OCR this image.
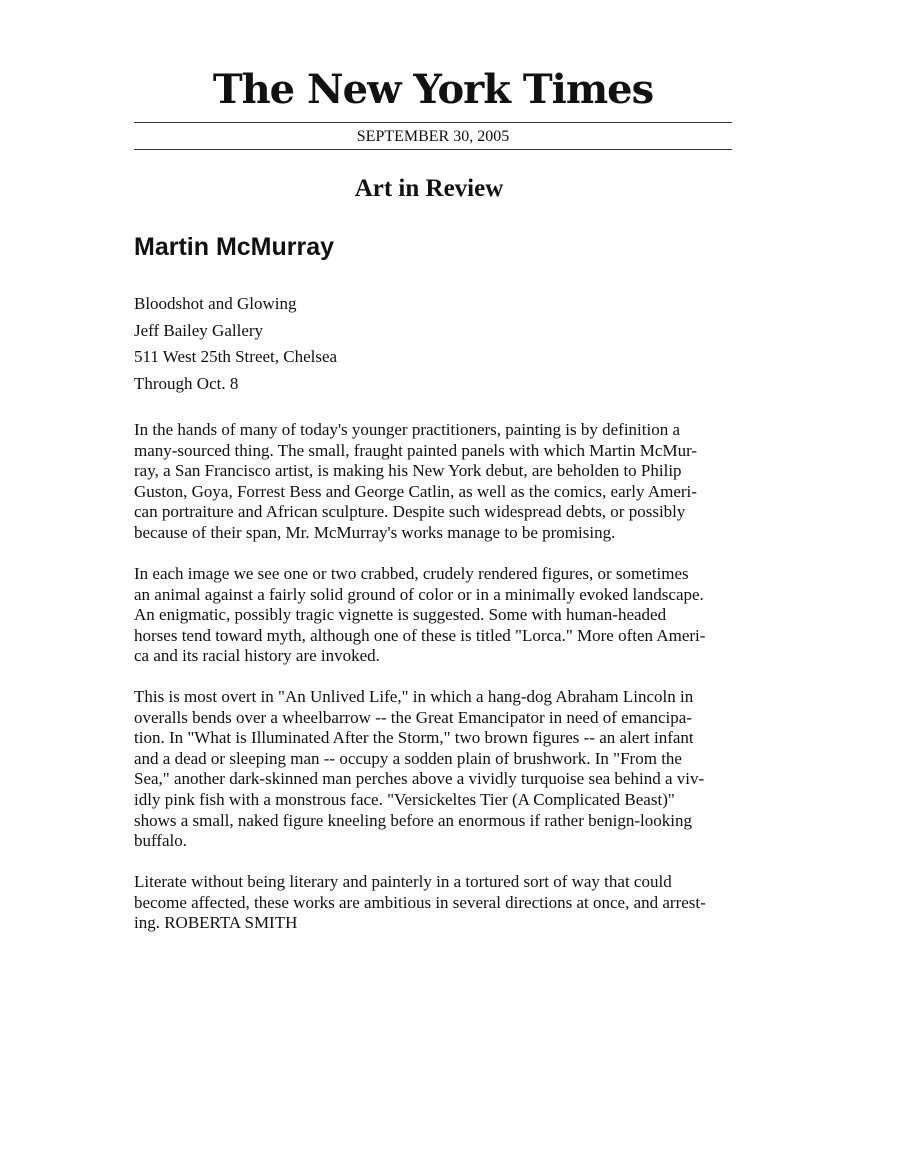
The New York Times
SEPTEMBER 30, 2005
Art in Review
Martin McMurray
Bloodshot and Glowing
Jeff Bailey Gallery
511 West 25th Street, Chelsea
Through Oct. 8
In the hands of many of today's younger practitioners, painting is by definition a
many-sourced thing. The small, fraught painted panels with which Martin McMur-
ray, a San Francisco artist, is making his New York debut, are beholden to Philip
Guston, Goya, Forrest Bess and George Catlin, as well as the comics, early Ameri-
can portraiture and African sculpture. Despite such widespread debts, or possibly
because of their span, Mr. McMurray's works manage to be promising.
In each image we see one or two crabbed, crudely rendered figures, or sometimes
an animal against a fairly solid ground of color or in a minimally evoked landscape.
An enigmatic, possibly tragic vignette is suggested. Some with human-headed
horses tend toward myth, although one of these is titled "Lorca." More often Ameri-
ca and its racial history are invoked.
This is most overt in "An Unlived Life," in which a hang-dog Abraham Lincoln in
overalls bends over a wheelbarrow -- the Great Emancipator in need of emancipa-
tion. In "What is Illuminated After the Storm," two brown figures -- an alert infant
and a dead or sleeping man -- occupy a sodden plain of brushwork. In "From the
Sea," another dark-skinned man perches above a vividly turquoise sea behind a viv-
idly pink fish with a monstrous face. "Versickeltes Tier (A Complicated Beast)"
shows a small, naked figure kneeling before an enormous if rather benign-looking
buffalo.
Literate without being literary and painterly in a tortured sort of way that could
become affected, these works are ambitious in several directions at once, and arrest-
ing. ROBERTA SMITH
